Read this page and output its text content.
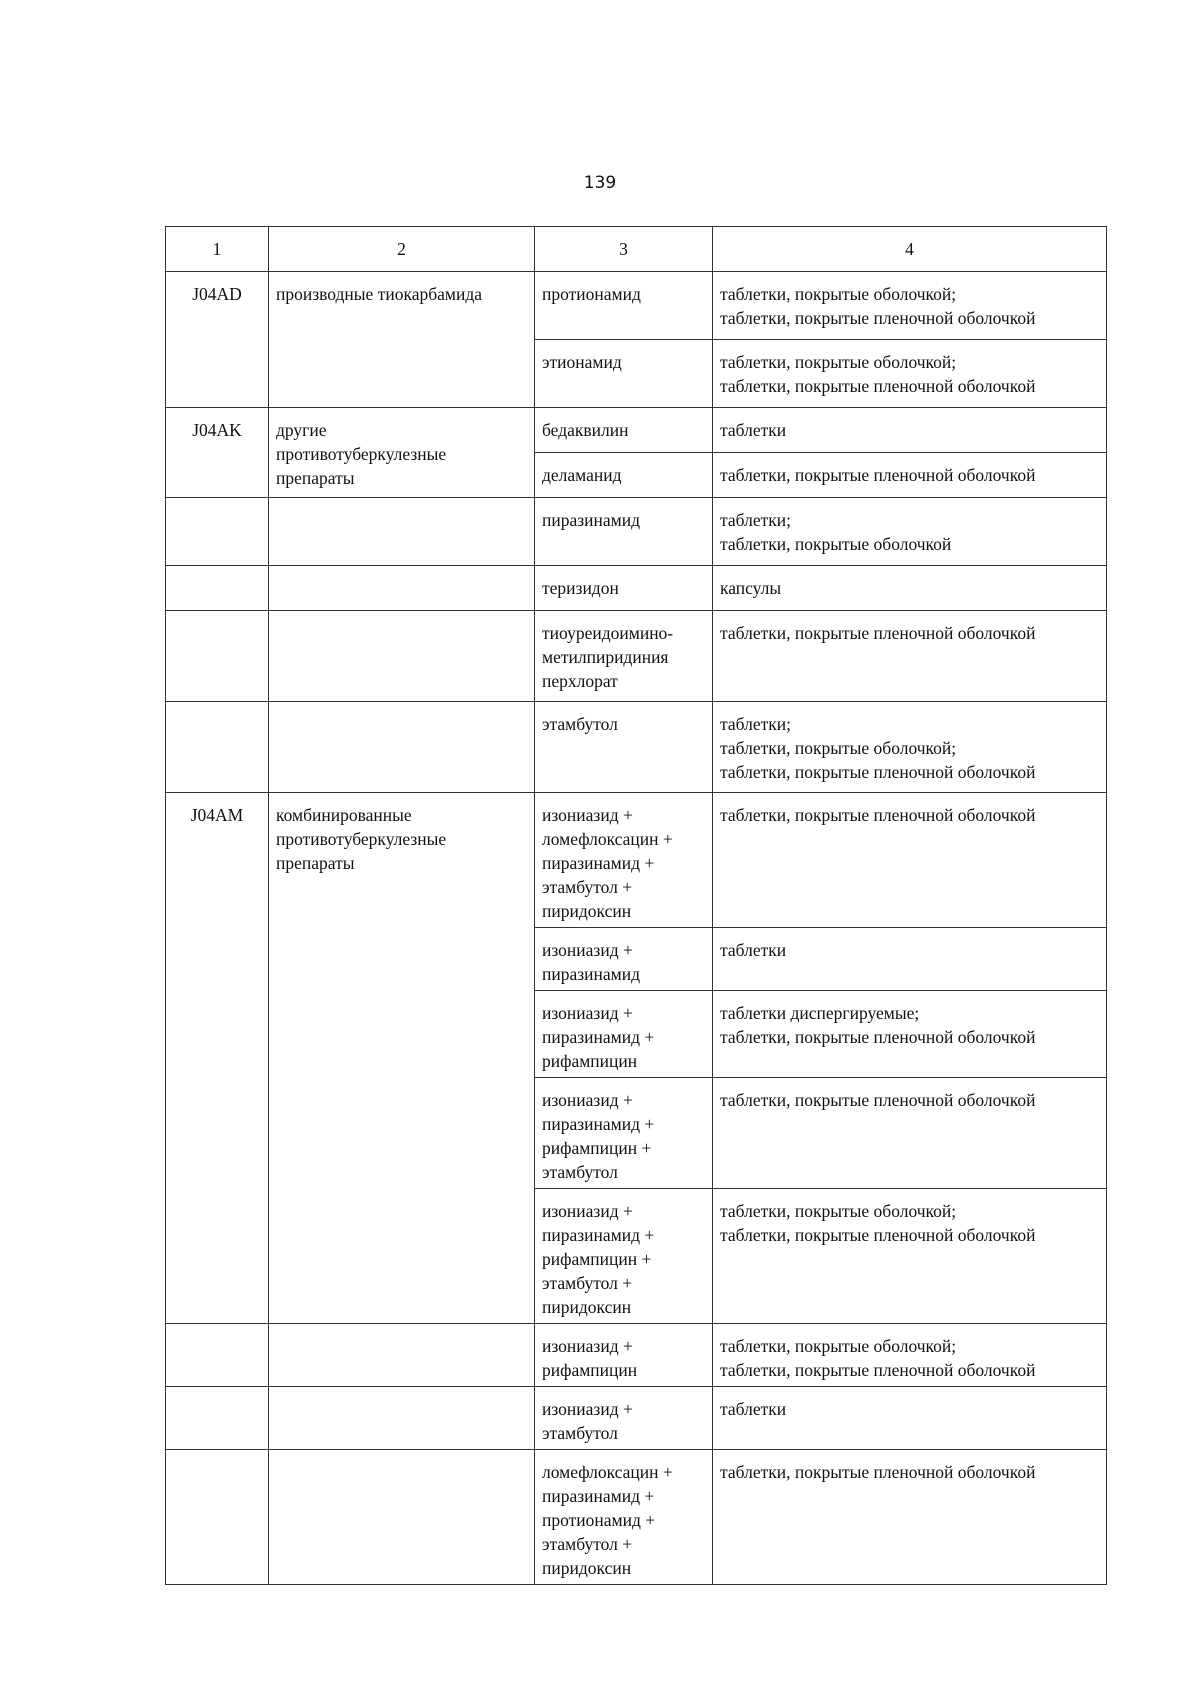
139
1	2	3	4
J04AD	производные тиокарбамида	протионамид	таблетки, покрытые оболочкой;
таблетки, покрытые пленочной оболочкой

		этионамид	таблетки, покрытые оболочкой;
таблетки, покрытые пленочной оболочкой

J04AK	другие
противотуберкулезные
препараты	бедаквилин	таблетки

		деламанид	таблетки, покрытые пленочной оболочкой

		пиразинамид	таблетки;
таблетки, покрытые оболочкой

		теризидон	капсулы

		тиоуреидоимино-
метилпиридиния
перхлорат	таблетки, покрытые пленочной оболочкой

		этамбутол	таблетки;
таблетки, покрытые оболочкой;
таблетки, покрытые пленочной оболочкой

J04AM	комбинированные
противотуберкулезные
препараты	изониазид +
ломефлоксацин +
пиразинамид +
этамбутол +
пиридоксин	таблетки, покрытые пленочной оболочкой

		изониазид +
пиразинамид	таблетки

		изониазид +
пиразинамид +
рифампицин	таблетки диспергируемые;
таблетки, покрытые пленочной оболочкой

		изониазид +
пиразинамид +
рифампицин +
этамбутол	таблетки, покрытые пленочной оболочкой

		изониазид +
пиразинамид +
рифампицин +
этамбутол +
пиридоксин	таблетки, покрытые оболочкой;
таблетки, покрытые пленочной оболочкой

		изониазид +
рифампицин	таблетки, покрытые оболочкой;
таблетки, покрытые пленочной оболочкой

		изониазид +
этамбутол	таблетки

		ломефлоксацин +
пиразинамид +
протионамид +
этамбутол +
пиридоксин	таблетки, покрытые пленочной оболочкой
